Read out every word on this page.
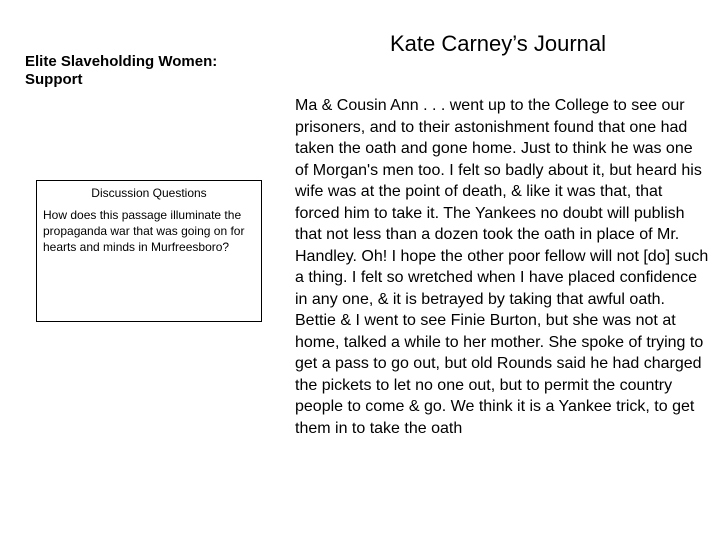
Elite Slaveholding Women: Support

Discussion Questions

How does this passage illuminate the propaganda war that was going on for hearts and minds in Murfreesboro?

Kate Carney’s Journal

Ma & Cousin Ann . . . went up to the College to see our prisoners, and to their astonishment found that one had taken the oath and gone home. Just to think he was one of Morgan's men too. I felt so badly about it, but heard his wife was at the point of death, & like it was that, that forced him to take it. The Yankees no doubt will publish that not less than a dozen took the oath in place of Mr. Handley. Oh! I hope the other poor fellow will not [do] such a thing. I felt so wretched when I have placed confidence in any one, & it is betrayed by taking that awful oath. Bettie & I went to see Finie Burton, but she was not at home, talked a while to her mother. She spoke of trying to get a pass to go out, but old Rounds said he had charged the pickets to let no one out, but to permit the country people to come & go. We think it is a Yankee trick, to get them in to take the oath
